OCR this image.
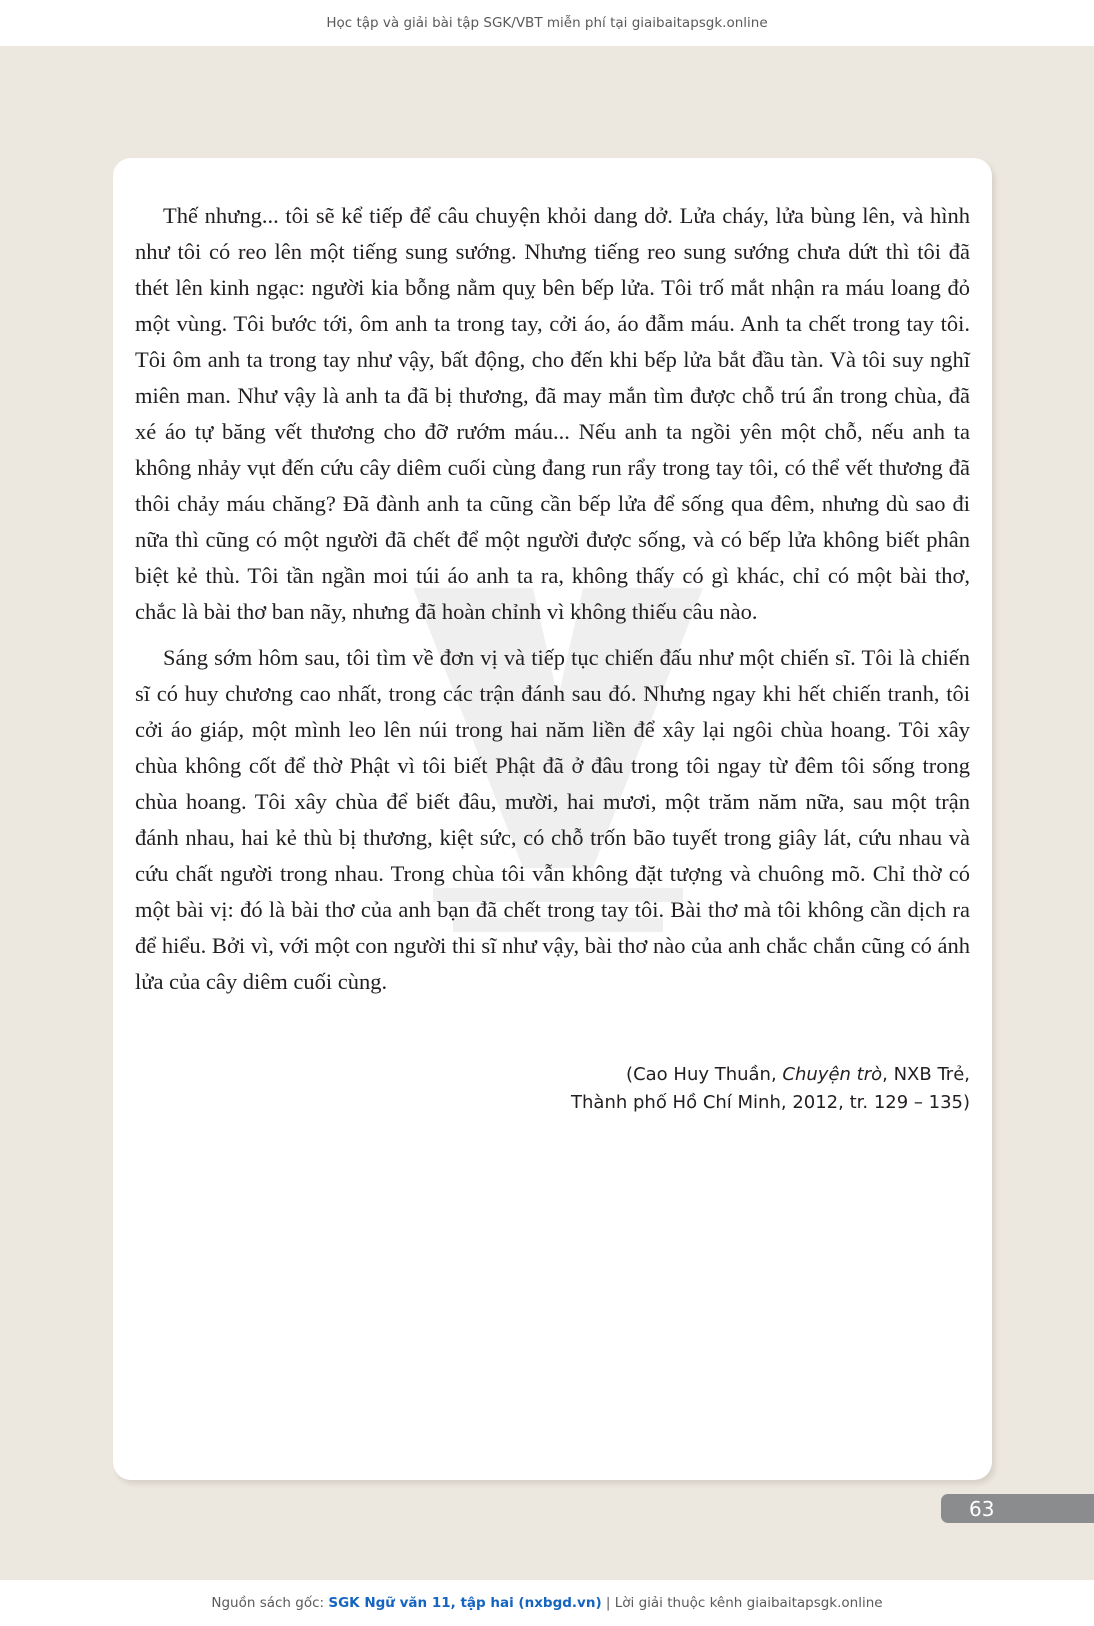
Học tập và giải bài tập SGK/VBT miễn phí tại giaibaitapsgk.online

Thế nhưng... tôi sẽ kể tiếp để câu chuyện khỏi dang dở. Lửa cháy, lửa bùng lên, và hình như tôi có reo lên một tiếng sung sướng. Nhưng tiếng reo sung sướng chưa dứt thì tôi đã thét lên kinh ngạc: người kia bỗng nằm quỵ bên bếp lửa. Tôi trố mắt nhận ra máu loang đỏ một vùng. Tôi bước tới, ôm anh ta trong tay, cởi áo, áo đẫm máu. Anh ta chết trong tay tôi. Tôi ôm anh ta trong tay như vậy, bất động, cho đến khi bếp lửa bắt đầu tàn. Và tôi suy nghĩ miên man. Như vậy là anh ta đã bị thương, đã may mắn tìm được chỗ trú ẩn trong chùa, đã xé áo tự băng vết thương cho đỡ rướm máu... Nếu anh ta ngồi yên một chỗ, nếu anh ta không nhảy vụt đến cứu cây diêm cuối cùng đang run rẩy trong tay tôi, có thể vết thương đã thôi chảy máu chăng? Đã đành anh ta cũng cần bếp lửa để sống qua đêm, nhưng dù sao đi nữa thì cũng có một người đã chết để một người được sống, và có bếp lửa không biết phân biệt kẻ thù. Tôi tần ngần moi túi áo anh ta ra, không thấy có gì khác, chỉ có một bài thơ, chắc là bài thơ ban nãy, nhưng đã hoàn chỉnh vì không thiếu câu nào.

Sáng sớm hôm sau, tôi tìm về đơn vị và tiếp tục chiến đấu như một chiến sĩ. Tôi là chiến sĩ có huy chương cao nhất, trong các trận đánh sau đó. Nhưng ngay khi hết chiến tranh, tôi cởi áo giáp, một mình leo lên núi trong hai năm liền để xây lại ngôi chùa hoang. Tôi xây chùa không cốt để thờ Phật vì tôi biết Phật đã ở đâu trong tôi ngay từ đêm tôi sống trong chùa hoang. Tôi xây chùa để biết đâu, mười, hai mươi, một trăm năm nữa, sau một trận đánh nhau, hai kẻ thù bị thương, kiệt sức, có chỗ trốn bão tuyết trong giây lát, cứu nhau và cứu chất người trong nhau. Trong chùa tôi vẫn không đặt tượng và chuông mõ. Chỉ thờ có một bài vị: đó là bài thơ của anh bạn đã chết trong tay tôi. Bài thơ mà tôi không cần dịch ra để hiểu. Bởi vì, với một con người thi sĩ như vậy, bài thơ nào của anh chắc chắn cũng có ánh lửa của cây diêm cuối cùng.

(Cao Huy Thuần, Chuyện trò, NXB Trẻ,
Thành phố Hồ Chí Minh, 2012, tr. 129 – 135)
63
Nguồn sách gốc: SGK Ngữ văn 11, tập hai (nxbgd.vn) | Lời giải thuộc kênh giaibaitapsgk.online
